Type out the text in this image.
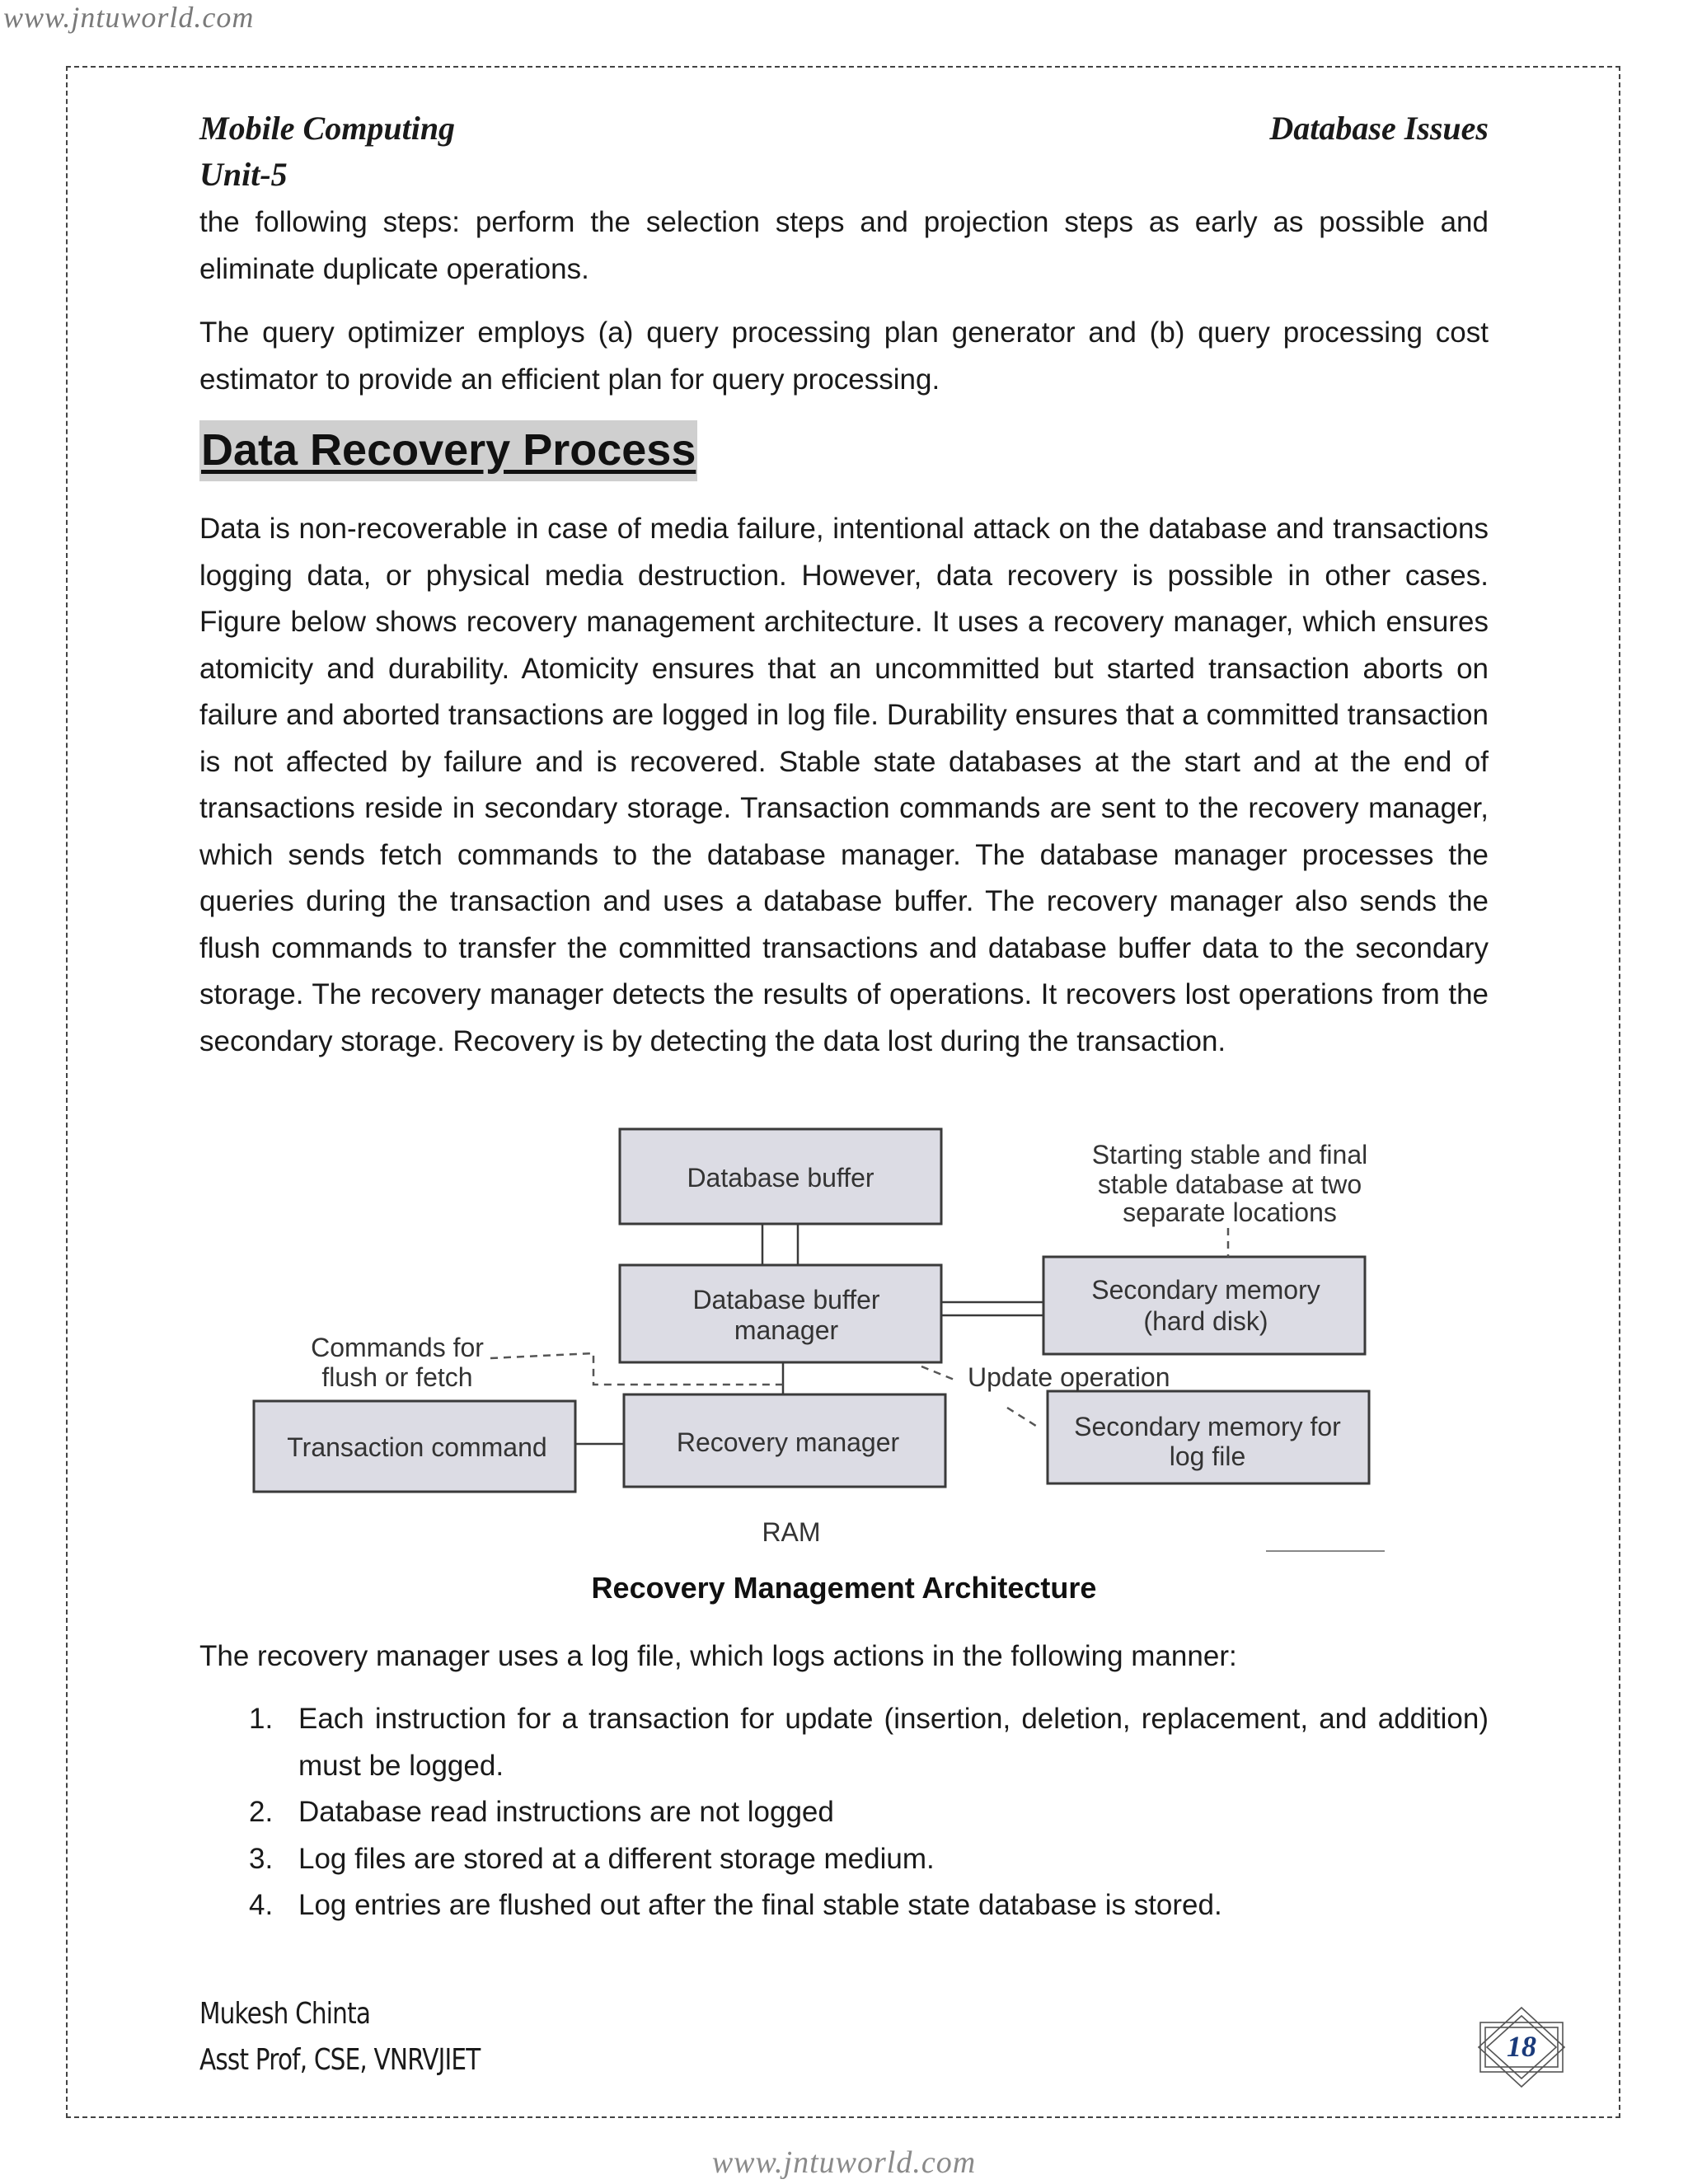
www.jntuworld.com
Mobile Computing
Unit-5
Database Issues
the following steps: perform the selection steps and projection steps as early as possible and eliminate duplicate operations.
The query optimizer employs (a) query processing plan generator and (b) query processing cost estimator to provide an efficient plan for query processing.
Data Recovery Process
Data is non-recoverable in case of media failure, intentional attack on the database and transactions logging data, or physical media destruction. However, data recovery is possible in other cases. Figure below shows recovery management architecture. It uses a recovery manager, which ensures atomicity and durability. Atomicity ensures that an uncommitted but started transaction aborts on failure and aborted transactions are logged in log file. Durability ensures that a committed transaction is not affected by failure and is recovered. Stable state databases at the start and at the end of transactions reside in secondary storage. Transaction commands are sent to the recovery manager, which sends fetch commands to the database manager. The database manager processes the queries during the transaction and uses a database buffer. The recovery manager also sends the flush commands to transfer the committed transactions and database buffer data to the secondary storage. The recovery manager detects the results of operations. It recovers lost operations from the secondary storage. Recovery is by detecting the data lost during the transaction.
Database buffer
Database buffer
manager
Secondary memory
(hard disk)
Transaction command	Recovery manager
Secondary memory for
log file
Starting stable and final
stable database at two
separate locations
Commands for
flush or fetch	Update operation
RAM
Recovery Management Architecture
The recovery manager uses a log file, which logs actions in the following manner:
1. Each instruction for a transaction for update (insertion, deletion, replacement, and addition) must be logged.
2. Database read instructions are not logged
3. Log files are stored at a different storage medium.
4. Log entries are flushed out after the final stable state database is stored.
Mukesh Chinta
Asst Prof, CSE, VNRVJIET	18
www.jntuworld.com
